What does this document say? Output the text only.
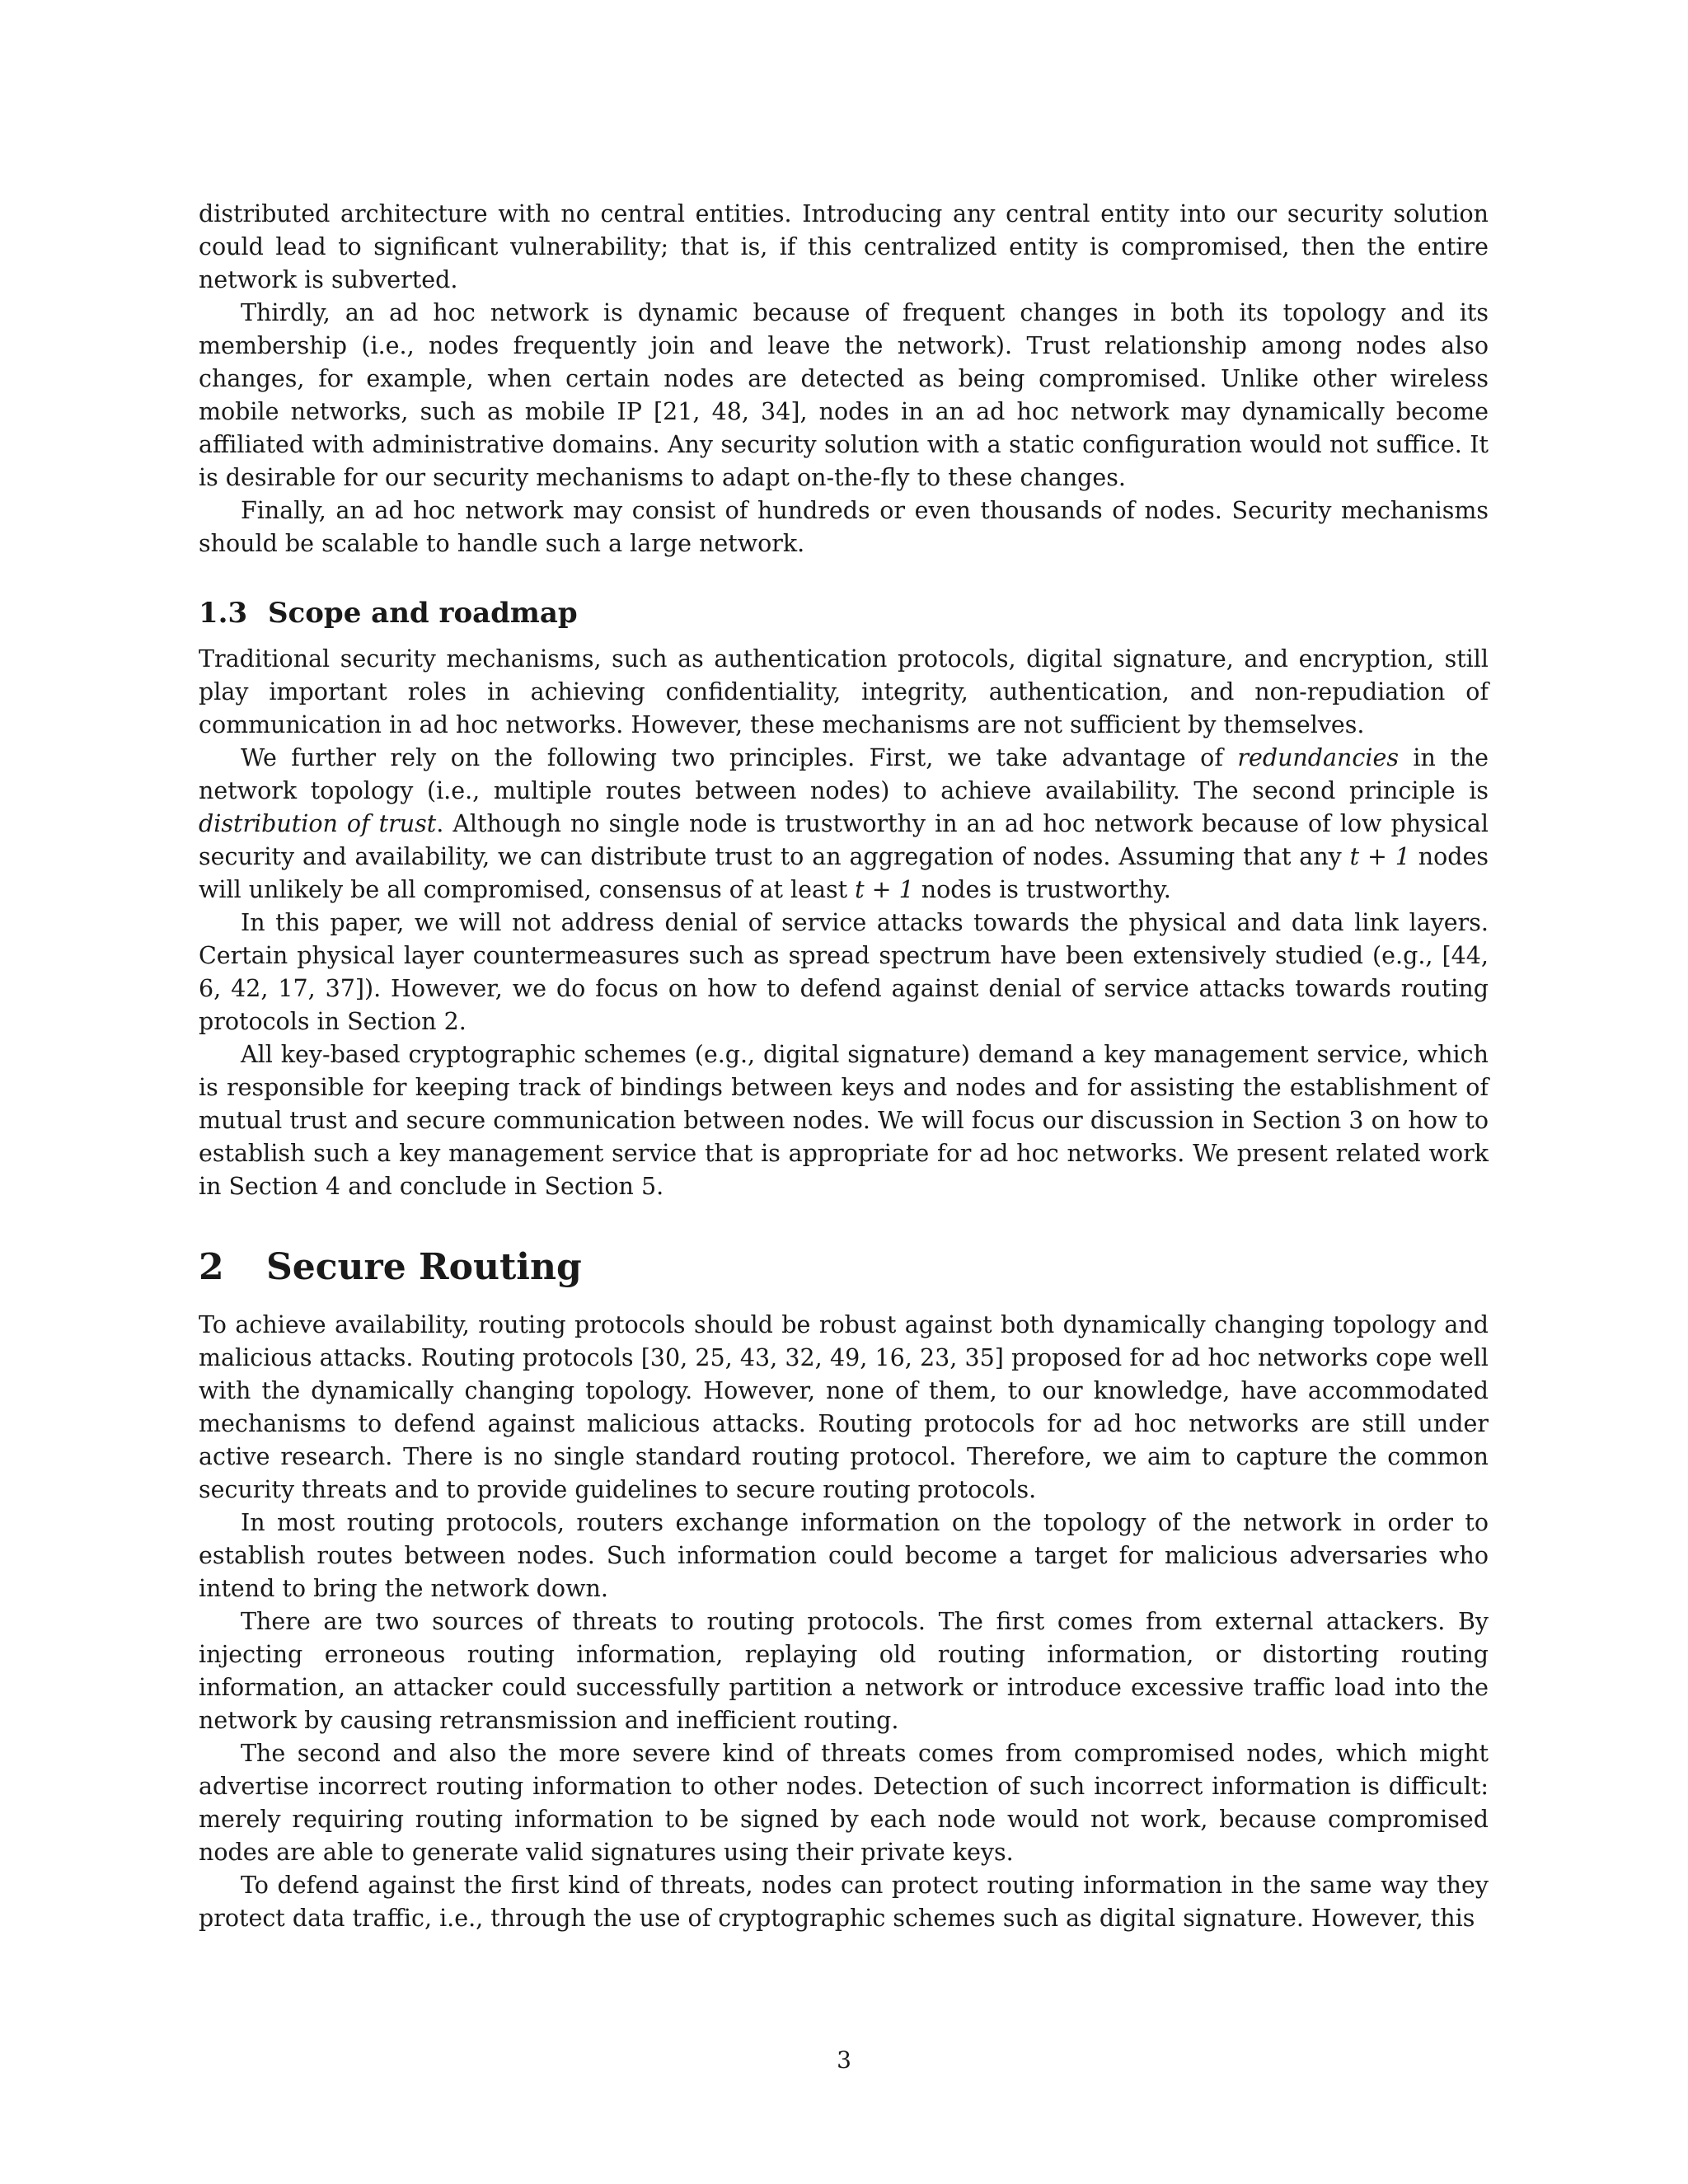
distributed architecture with no central entities. Introducing any central entity into our security solution could lead to significant vulnerability; that is, if this centralized entity is compromised, then the entire network is subverted.

Thirdly, an ad hoc network is dynamic because of frequent changes in both its topology and its membership (i.e., nodes frequently join and leave the network). Trust relationship among nodes also changes, for example, when certain nodes are detected as being compromised. Unlike other wireless mobile networks, such as mobile IP [21, 48, 34], nodes in an ad hoc network may dynamically become affiliated with administrative domains. Any security solution with a static configuration would not suffice. It is desirable for our security mechanisms to adapt on-the-fly to these changes.

Finally, an ad hoc network may consist of hundreds or even thousands of nodes. Security mechanisms should be scalable to handle such a large network.

1.3 Scope and roadmap

Traditional security mechanisms, such as authentication protocols, digital signature, and encryption, still play important roles in achieving confidentiality, integrity, authentication, and non-repudiation of communication in ad hoc networks. However, these mechanisms are not sufficient by themselves.

We further rely on the following two principles. First, we take advantage of redundancies in the network topology (i.e., multiple routes between nodes) to achieve availability. The second principle is distribution of trust. Although no single node is trustworthy in an ad hoc network because of low physical security and availability, we can distribute trust to an aggregation of nodes. Assuming that any t + 1 nodes will unlikely be all compromised, consensus of at least t + 1 nodes is trustworthy.

In this paper, we will not address denial of service attacks towards the physical and data link layers. Certain physical layer countermeasures such as spread spectrum have been extensively studied (e.g., [44, 6, 42, 17, 37]). However, we do focus on how to defend against denial of service attacks towards routing protocols in Section 2.

All key-based cryptographic schemes (e.g., digital signature) demand a key management service, which is responsible for keeping track of bindings between keys and nodes and for assisting the establishment of mutual trust and secure communication between nodes. We will focus our discussion in Section 3 on how to establish such a key management service that is appropriate for ad hoc networks. We present related work in Section 4 and conclude in Section 5.

2 Secure Routing

To achieve availability, routing protocols should be robust against both dynamically changing topology and malicious attacks. Routing protocols [30, 25, 43, 32, 49, 16, 23, 35] proposed for ad hoc networks cope well with the dynamically changing topology. However, none of them, to our knowledge, have accommodated mechanisms to defend against malicious attacks. Routing protocols for ad hoc networks are still under active research. There is no single standard routing protocol. Therefore, we aim to capture the common security threats and to provide guidelines to secure routing protocols.

In most routing protocols, routers exchange information on the topology of the network in order to establish routes between nodes. Such information could become a target for malicious adversaries who intend to bring the network down.

There are two sources of threats to routing protocols. The first comes from external attackers. By injecting erroneous routing information, replaying old routing information, or distorting routing information, an attacker could successfully partition a network or introduce excessive traffic load into the network by causing retransmission and inefficient routing.

The second and also the more severe kind of threats comes from compromised nodes, which might advertise incorrect routing information to other nodes. Detection of such incorrect information is difficult: merely requiring routing information to be signed by each node would not work, because compromised nodes are able to generate valid signatures using their private keys.

To defend against the first kind of threats, nodes can protect routing information in the same way they protect data traffic, i.e., through the use of cryptographic schemes such as digital signature. However, this

3
